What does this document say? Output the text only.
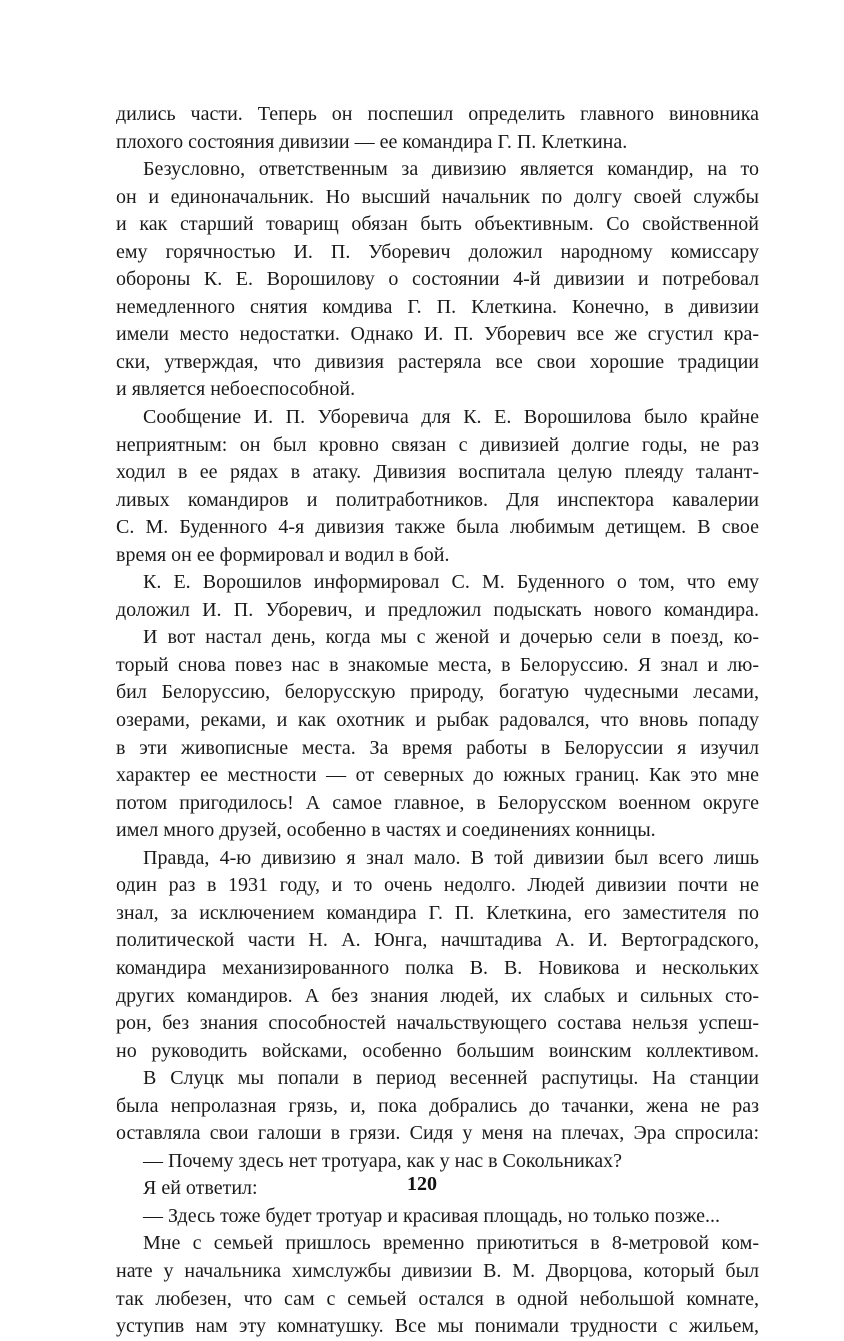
дились части. Теперь он поспешил определить главного виновника
плохого состояния дивизии — ее командира Г. П. Клеткина.
Безусловно, ответственным за дивизию является командир, на то
он и единоначальник. Но высший начальник по долгу своей службы
и как старший товарищ обязан быть объективным. Со свойственной
ему горячностью И. П. Уборевич доложил народному комиссару
обороны К. Е. Ворошилову о состоянии 4-й дивизии и потребовал
немедленного снятия комдива Г. П. Клеткина. Конечно, в дивизии
имели место недостатки. Однако И. П. Уборевич все же сгустил кра-
ски, утверждая, что дивизия растеряла все свои хорошие традиции
и является небоеспособной.
Сообщение И. П. Уборевича для К. Е. Ворошилова было крайне
неприятным: он был кровно связан с дивизией долгие годы, не раз
ходил в ее рядах в атаку. Дивизия воспитала целую плеяду талант-
ливых командиров и политработников. Для инспектора кавалерии
С. М. Буденного 4-я дивизия также была любимым детищем. В свое
время он ее формировал и водил в бой.
К. Е. Ворошилов информировал С. М. Буденного о том, что ему
доложил И. П. Уборевич, и предложил подыскать нового командира.
И вот настал день, когда мы с женой и дочерью сели в поезд, ко-
торый снова повез нас в знакомые места, в Белоруссию. Я знал и лю-
бил Белоруссию, белорусскую природу, богатую чудесными лесами,
озерами, реками, и как охотник и рыбак радовался, что вновь попаду
в эти живописные места. За время работы в Белоруссии я изучил
характер ее местности — от северных до южных границ. Как это мне
потом пригодилось! А самое главное, в Белорусском военном округе
имел много друзей, особенно в частях и соединениях конницы.
Правда, 4-ю дивизию я знал мало. В той дивизии был всего лишь
один раз в 1931 году, и то очень недолго. Людей дивизии почти не
знал, за исключением командира Г. П. Клеткина, его заместителя по
политической части Н. А. Юнга, начштадива А. И. Вертоградского,
командира механизированного полка В. В. Новикова и нескольких
других командиров. А без знания людей, их слабых и сильных сто-
рон, без знания способностей начальствующего состава нельзя успеш-
но руководить войсками, особенно большим воинским коллективом.
В Слуцк мы попали в период весенней распутицы. На станции
была непролазная грязь, и, пока добрались до тачанки, жена не раз
оставляла свои галоши в грязи. Сидя у меня на плечах, Эра спросила:
— Почему здесь нет тротуара, как у нас в Сокольниках?
Я ей ответил:
— Здесь тоже будет тротуар и красивая площадь, но только позже...
Мне с семьей пришлось временно приютиться в 8-метровой ком-
нате у начальника химслужбы дивизии В. М. Дворцова, который был
так любезен, что сам с семьей остался в одной небольшой комнате,
уступив нам эту комнатушку. Все мы понимали трудности с жильем,
120
